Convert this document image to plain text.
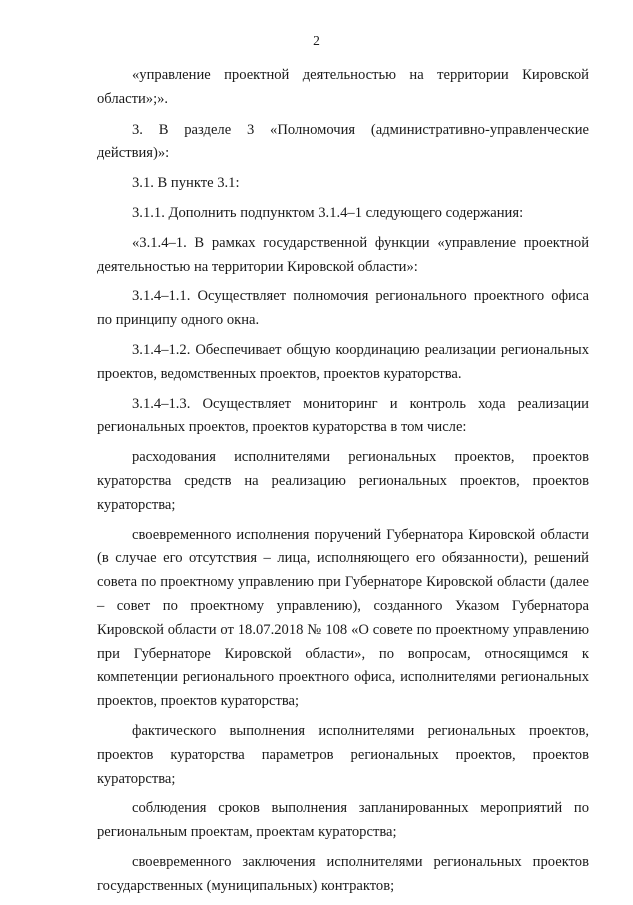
2

«управление проектной деятельностью на территории Кировской области»;».

3. В разделе 3 «Полномочия (административно-управленческие действия)»:

3.1. В пункте 3.1:

3.1.1. Дополнить подпунктом 3.1.4–1 следующего содержания:

«3.1.4–1. В рамках государственной функции «управление проектной деятельностью на территории Кировской области»:

3.1.4–1.1. Осуществляет полномочия регионального проектного офиса по принципу одного окна.

3.1.4–1.2. Обеспечивает общую координацию реализации региональных проектов, ведомственных проектов, проектов кураторства.

3.1.4–1.3. Осуществляет мониторинг и контроль хода реализации региональных проектов, проектов кураторства в том числе:

расходования исполнителями региональных проектов, проектов кураторства средств на реализацию региональных проектов, проектов кураторства;

своевременного исполнения поручений Губернатора Кировской области (в случае его отсутствия – лица, исполняющего его обязанности), решений совета по проектному управлению при Губернаторе Кировской области (далее – совет по проектному управлению), созданного Указом Губернатора Кировской области от 18.07.2018 № 108 «О совете по проектному управлению при Губернаторе Кировской области», по вопросам, относящимся к компетенции регионального проектного офиса, исполнителями региональных проектов, проектов кураторства;

фактического выполнения исполнителями региональных проектов, проектов кураторства параметров региональных проектов, проектов кураторства;

соблюдения сроков выполнения запланированных мероприятий по региональным проектам, проектам кураторства;

своевременного заключения исполнителями региональных проектов государственных (муниципальных) контрактов;
